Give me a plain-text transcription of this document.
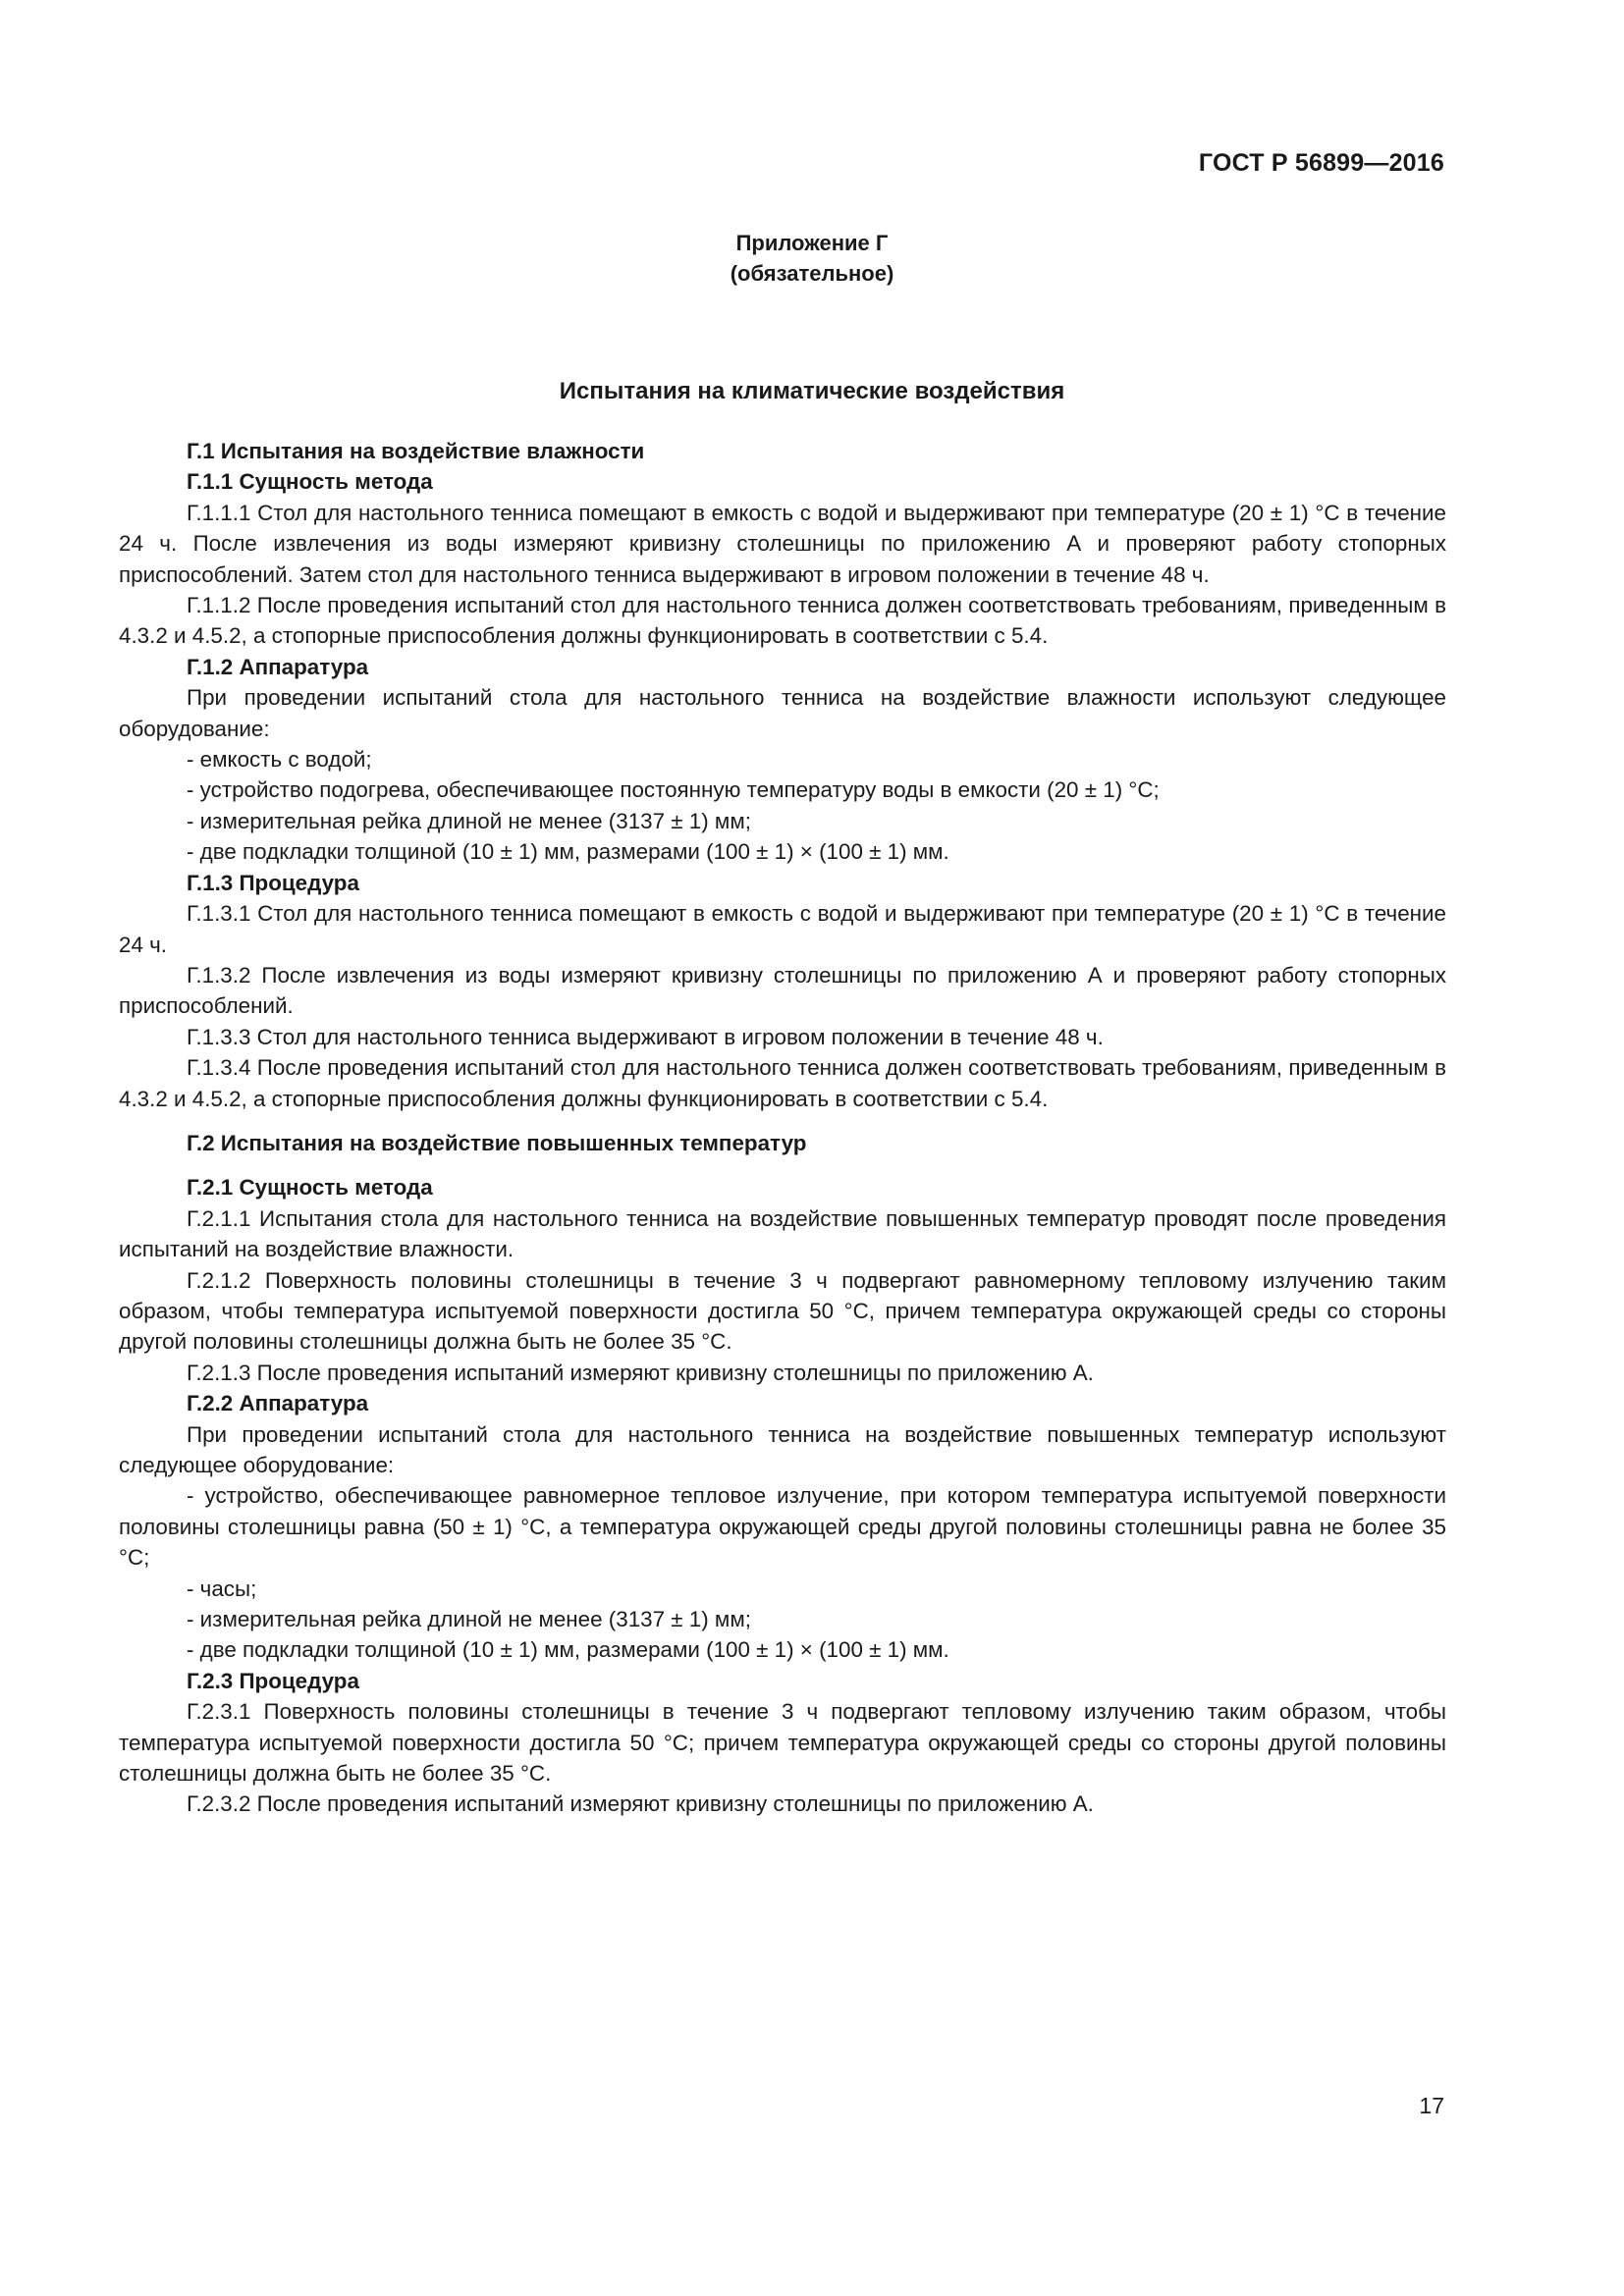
ГОСТ Р 56899—2016
Приложение Г
(обязательное)
Испытания на климатические воздействия

Г.1 Испытания на воздействие влажности

Г.1.1 Сущность метода

Г.1.1.1 Стол для настольного тенниса помещают в емкость с водой и выдерживают при температуре (20 ± 1) °C в течение 24 ч. После извлечения из воды измеряют кривизну столешницы по приложению А и проверяют работу стопорных приспособлений. Затем стол для настольного тенниса выдерживают в игровом положении в течение 48 ч.

Г.1.1.2 После проведения испытаний стол для настольного тенниса должен соответствовать требованиям, приведенным в 4.3.2 и 4.5.2, а стопорные приспособления должны функционировать в соответствии с 5.4.

Г.1.2 Аппаратура

При проведении испытаний стола для настольного тенниса на воздействие влажности используют следующее оборудование:

- емкость с водой;

- устройство подогрева, обеспечивающее постоянную температуру воды в емкости (20 ± 1) °C;

- измерительная рейка длиной не менее (3137 ± 1) мм;

- две подкладки толщиной (10 ± 1) мм, размерами (100 ± 1) × (100 ± 1) мм.

Г.1.3 Процедура

Г.1.3.1 Стол для настольного тенниса помещают в емкость с водой и выдерживают при температуре (20 ± 1) °C в течение 24 ч.

Г.1.3.2 После извлечения из воды измеряют кривизну столешницы по приложению А и проверяют работу стопорных приспособлений.

Г.1.3.3 Стол для настольного тенниса выдерживают в игровом положении в течение 48 ч.

Г.1.3.4 После проведения испытаний стол для настольного тенниса должен соответствовать требованиям, приведенным в 4.3.2 и 4.5.2, а стопорные приспособления должны функционировать в соответствии с 5.4.

Г.2 Испытания на воздействие повышенных температур

Г.2.1 Сущность метода

Г.2.1.1 Испытания стола для настольного тенниса на воздействие повышенных температур проводят после проведения испытаний на воздействие влажности.

Г.2.1.2 Поверхность половины столешницы в течение 3 ч подвергают равномерному тепловому излучению таким образом, чтобы температура испытуемой поверхности достигла 50 °C, причем температура окружающей среды со стороны другой половины столешницы должна быть не более 35 °C.

Г.2.1.3 После проведения испытаний измеряют кривизну столешницы по приложению А.

Г.2.2 Аппаратура

При проведении испытаний стола для настольного тенниса на воздействие повышенных температур используют следующее оборудование:

- устройство, обеспечивающее равномерное тепловое излучение, при котором температура испытуемой поверхности половины столешницы равна (50 ± 1) °C, а температура окружающей среды другой половины столешницы равна не более 35 °C;

- часы;

- измерительная рейка длиной не менее (3137 ± 1) мм;

- две подкладки толщиной (10 ± 1) мм, размерами (100 ± 1) × (100 ± 1) мм.

Г.2.3 Процедура

Г.2.3.1 Поверхность половины столешницы в течение 3 ч подвергают тепловому излучению таким образом, чтобы температура испытуемой поверхности достигла 50 °C; причем температура окружающей среды со стороны другой половины столешницы должна быть не более 35 °C.

Г.2.3.2 После проведения испытаний измеряют кривизну столешницы по приложению А.

17
